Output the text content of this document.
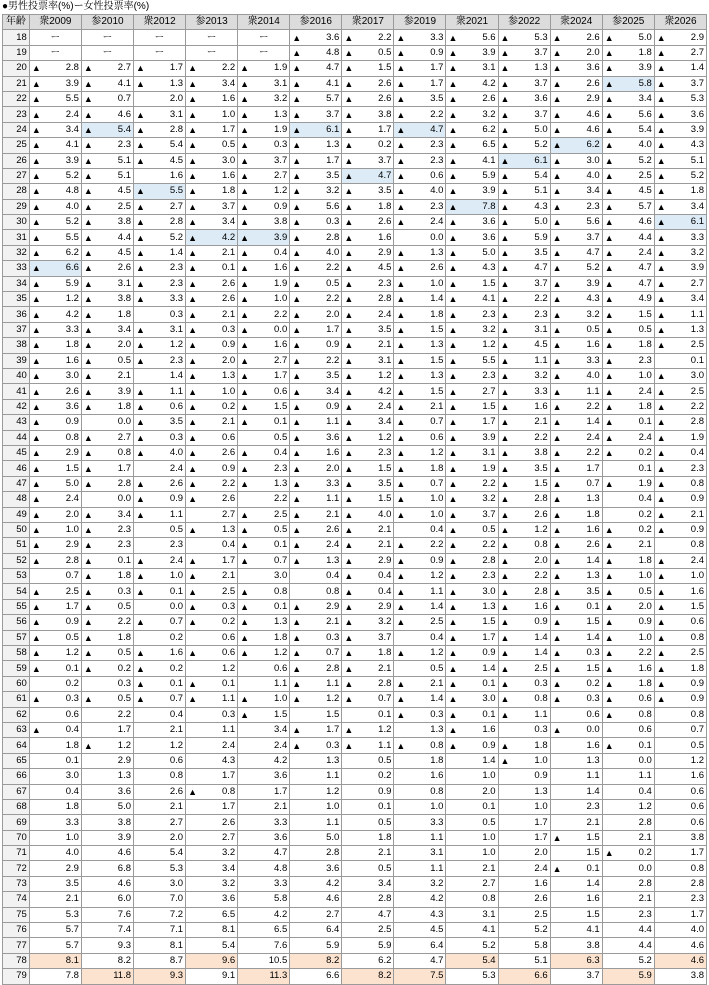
●男性投票率(%)ー女性投票率(%)
年齢	衆2009	参2010	衆2012	参2013	衆2014	参2016	衆2017	参2019	衆2021	参2022	衆2024	参2025	衆2026
18	ー	ー	ー	ー	ー	▲ 3.6	▲ 2.2	▲ 3.3	▲ 5.6	▲ 5.3	▲ 2.6	▲ 5.0	▲ 2.9
19	ー	ー	ー	ー	ー	▲ 4.8	▲ 0.5	▲ 0.9	▲ 3.9	▲ 3.7	▲ 2.0	▲ 1.8	▲ 2.7
20	▲ 2.8	▲ 2.7	▲ 1.7	▲ 2.2	▲ 1.9	▲ 4.7	▲ 1.5	▲ 1.7	▲ 3.1	▲ 1.3	▲ 3.6	▲ 3.9	▲ 1.4
21	▲ 3.9	▲ 4.1	▲ 1.3	▲ 3.4	▲ 3.1	▲ 4.1	▲ 2.6	▲ 1.7	▲ 4.2	▲ 3.7	▲ 2.6	▲ 5.8	▲ 3.7
22	▲ 5.5	▲ 0.7	2.0	▲ 1.6	▲ 3.2	▲ 5.7	▲ 2.6	▲ 3.5	▲ 2.6	▲ 3.6	▲ 2.9	▲ 3.4	▲ 5.3
23	▲ 2.4	▲ 4.6	▲ 3.1	▲ 1.0	▲ 1.3	▲ 3.7	▲ 3.8	▲ 2.2	▲ 3.2	▲ 3.7	▲ 4.6	▲ 5.6	▲ 3.6
24	▲ 3.4	▲ 5.4	▲ 2.8	▲ 1.7	▲ 1.9	▲ 6.1	▲ 1.7	▲ 4.7	▲ 6.2	▲ 5.0	▲ 4.6	▲ 5.4	▲ 3.9
25	▲ 4.1	▲ 2.3	▲ 5.4	▲ 0.5	▲ 0.3	▲ 1.3	▲ 0.2	▲ 2.3	▲ 6.5	▲ 5.2	▲ 6.2	▲ 4.0	▲ 4.3
26	▲ 3.9	▲ 5.1	▲ 4.5	▲ 3.0	▲ 3.7	▲ 1.7	▲ 3.7	▲ 2.3	▲ 4.1	▲ 6.1	▲ 3.0	▲ 5.2	▲ 5.1
27	▲ 5.2	▲ 5.1	1.6	▲ 1.6	▲ 2.7	▲ 3.5	▲ 4.7	▲ 0.6	▲ 5.9	▲ 5.4	▲ 4.0	▲ 2.5	▲ 5.2
28	▲ 4.8	▲ 4.5	▲ 5.5	▲ 1.8	▲ 1.2	▲ 3.2	▲ 3.5	▲ 4.0	▲ 3.9	▲ 5.1	▲ 3.4	▲ 4.5	▲ 1.8
29	▲ 4.0	▲ 2.5	▲ 2.7	▲ 3.7	▲ 0.9	▲ 5.6	▲ 1.8	▲ 2.3	▲ 7.8	▲ 4.3	▲ 2.3	▲ 5.7	▲ 3.4
30	▲ 5.2	▲ 3.8	▲ 2.8	▲ 3.4	▲ 3.8	▲ 0.3	▲ 2.6	▲ 2.4	▲ 3.6	▲ 5.0	▲ 5.6	▲ 4.6	▲ 6.1
31	▲ 5.5	▲ 4.4	▲ 5.2	▲ 4.2	▲ 3.9	▲ 2.8	▲ 1.6	0.0	▲ 3.6	▲ 5.9	▲ 3.7	▲ 4.4	▲ 3.3
32	▲ 6.2	▲ 4.5	▲ 1.4	▲ 2.1	▲ 0.4	▲ 4.0	▲ 2.9	▲ 1.3	▲ 5.0	▲ 3.5	▲ 4.7	▲ 2.4	▲ 3.2
33	▲ 6.6	▲ 2.6	▲ 2.3	▲ 0.1	▲ 1.6	▲ 2.2	▲ 4.5	▲ 2.6	▲ 4.3	▲ 4.7	▲ 5.2	▲ 4.7	▲ 3.9
34	▲ 5.9	▲ 3.1	▲ 2.3	▲ 2.6	▲ 1.9	▲ 0.5	▲ 2.3	▲ 1.0	▲ 1.5	▲ 3.7	▲ 3.9	▲ 4.7	▲ 2.7
35	▲ 1.2	▲ 3.8	▲ 3.3	▲ 2.6	▲ 1.0	▲ 2.2	▲ 2.8	▲ 1.4	▲ 4.1	▲ 2.2	▲ 4.3	▲ 4.9	▲ 3.4
36	▲ 4.2	▲ 1.8	0.3	▲ 2.1	▲ 2.2	▲ 2.0	▲ 2.4	▲ 1.8	▲ 2.3	▲ 2.3	▲ 3.2	▲ 1.5	▲ 1.1
37	▲ 3.3	▲ 3.4	▲ 3.1	▲ 0.3	▲ 0.0	▲ 1.7	▲ 3.5	▲ 1.5	▲ 3.2	▲ 3.1	▲ 0.5	▲ 0.5	▲ 1.3
38	▲ 1.8	▲ 2.0	▲ 1.2	▲ 0.9	▲ 1.6	▲ 0.9	▲ 2.1	▲ 1.3	▲ 1.2	▲ 4.5	▲ 1.6	▲ 1.8	▲ 2.5
39	▲ 1.6	▲ 0.5	▲ 2.3	▲ 2.0	▲ 2.7	▲ 2.2	▲ 3.1	▲ 1.5	▲ 5.5	▲ 1.1	▲ 3.3	▲ 2.3	0.1
40	▲ 3.0	▲ 2.1	1.4	▲ 1.3	▲ 1.7	▲ 3.5	▲ 1.2	▲ 1.3	▲ 2.3	▲ 3.2	▲ 4.0	▲ 1.0	▲ 3.0
41	▲ 2.6	▲ 3.9	▲ 1.1	▲ 1.0	▲ 0.6	▲ 3.4	▲ 4.2	▲ 1.5	▲ 2.7	▲ 3.3	▲ 1.1	▲ 2.4	▲ 2.5
42	▲ 3.6	▲ 1.8	▲ 0.6	▲ 0.2	▲ 1.5	▲ 0.9	▲ 2.4	▲ 2.1	▲ 1.5	▲ 1.6	▲ 2.2	▲ 1.8	▲ 2.2
43	▲ 0.9	0.0	▲ 3.5	▲ 2.1	▲ 0.1	▲ 1.1	▲ 3.4	▲ 0.7	▲ 1.7	▲ 2.1	▲ 1.4	▲ 0.1	▲ 2.8
44	▲ 0.8	▲ 2.7	▲ 0.3	▲ 0.6	0.5	▲ 3.6	▲ 1.2	▲ 0.6	▲ 3.9	▲ 2.2	▲ 2.4	▲ 2.4	▲ 1.9
45	▲ 2.9	▲ 0.8	▲ 4.0	▲ 2.6	▲ 0.4	▲ 1.6	▲ 2.3	▲ 1.2	▲ 3.1	▲ 3.8	▲ 2.2	▲ 0.2	▲ 0.4
46	▲ 1.5	▲ 1.7	2.4	▲ 0.9	▲ 2.3	▲ 2.0	▲ 1.5	▲ 1.8	▲ 1.9	▲ 3.5	▲ 1.7	0.1	▲ 2.3
47	▲ 5.0	▲ 2.8	▲ 2.6	▲ 2.2	▲ 1.3	▲ 3.3	▲ 3.5	▲ 0.7	▲ 2.2	▲ 1.5	▲ 0.7	▲ 1.9	▲ 0.8
48	▲ 2.4	0.0	▲ 0.9	▲ 2.6	2.2	▲ 1.1	▲ 1.5	▲ 1.0	▲ 3.2	▲ 2.8	▲ 1.3	0.4	▲ 0.9
49	▲ 2.0	▲ 3.4	▲ 1.1	2.7	▲ 2.5	▲ 2.1	▲ 4.0	▲ 1.0	▲ 3.7	▲ 2.6	▲ 1.8	0.2	▲ 2.1
50	▲ 1.0	▲ 2.3	0.5	▲ 1.3	▲ 0.5	▲ 2.6	▲ 2.1	0.4	▲ 0.5	▲ 1.2	▲ 1.6	▲ 0.2	▲ 0.9
51	▲ 2.9	▲ 2.3	2.3	0.4	▲ 0.1	▲ 2.4	▲ 2.1	▲ 2.2	▲ 2.2	▲ 0.8	▲ 2.6	▲ 2.1	0.8
52	▲ 2.8	▲ 0.1	▲ 2.4	▲ 1.7	▲ 0.7	▲ 1.3	▲ 2.9	▲ 0.9	▲ 2.8	▲ 2.0	▲ 1.4	▲ 1.8	▲ 2.4
53	0.7	▲ 1.8	▲ 1.0	▲ 2.1	3.0	0.4	▲ 0.4	▲ 1.2	▲ 2.3	▲ 2.2	▲ 1.3	▲ 1.0	▲ 1.0
54	▲ 2.5	▲ 0.3	▲ 0.1	▲ 2.5	▲ 0.8	0.8	▲ 0.4	▲ 1.1	▲ 3.0	▲ 2.8	▲ 3.5	▲ 0.5	▲ 1.6
55	▲ 1.7	▲ 0.5	0.0	▲ 0.3	▲ 0.1	▲ 2.9	▲ 2.9	▲ 1.4	▲ 1.3	▲ 1.6	▲ 0.1	▲ 2.0	▲ 1.5
56	▲ 0.9	▲ 2.2	▲ 0.7	▲ 0.2	▲ 1.3	▲ 2.1	▲ 3.2	▲ 2.5	▲ 1.5	▲ 0.9	▲ 1.5	▲ 0.9	▲ 0.6
57	▲ 0.5	▲ 1.8	0.2	0.6	▲ 1.8	▲ 0.3	▲ 3.7	0.4	▲ 1.7	▲ 1.4	▲ 1.4	▲ 1.0	▲ 0.8
58	▲ 1.2	▲ 0.5	▲ 1.6	▲ 0.6	▲ 1.2	▲ 0.7	▲ 1.8	▲ 1.2	▲ 0.9	▲ 1.4	▲ 0.3	▲ 2.2	▲ 2.5
59	▲ 0.1	▲ 0.2	▲ 0.2	1.2	0.6	▲ 2.8	▲ 2.1	0.5	▲ 1.4	▲ 2.5	▲ 1.5	▲ 1.6	▲ 1.8
60	0.2	0.3	▲ 0.1	▲ 0.1	1.1	▲ 1.1	▲ 2.8	▲ 2.1	▲ 0.1	▲ 0.3	▲ 0.2	▲ 1.8	▲ 0.9
61	▲ 0.3	▲ 0.5	▲ 0.7	▲ 1.1	▲ 1.0	▲ 1.2	▲ 0.7	▲ 1.4	▲ 3.0	▲ 0.8	▲ 0.3	▲ 0.6	▲ 0.9
62	0.6	2.2	0.4	0.3	▲ 1.5	1.5	0.1	▲ 0.3	▲ 0.1	▲ 1.1	0.6	▲ 0.8	0.8
63	▲ 0.4	1.7	2.1	1.1	3.4	▲ 1.7	▲ 1.2	1.3	▲ 1.6	0.3	▲ 0.0	0.6	0.7
64	1.8	▲ 1.2	1.2	2.4	2.4	▲ 0.3	▲ 1.1	▲ 0.8	▲ 0.9	▲ 1.8	1.6	▲ 0.1	0.5
65	0.1	2.9	0.6	4.3	4.2	1.3	0.5	1.8	1.4	▲ 1.0	1.3	0.0	1.2
66	3.0	1.3	0.8	1.7	3.6	1.1	0.2	1.6	1.0	0.9	1.1	1.1	1.6
67	0.4	3.6	2.6	▲ 0.8	1.7	1.2	0.9	0.8	2.0	1.3	1.4	0.4	0.6
68	1.8	5.0	2.1	1.7	2.1	1.0	0.1	1.0	0.1	1.0	2.3	1.2	0.6
69	3.3	3.8	2.7	2.6	3.3	1.1	0.5	3.3	0.5	1.7	2.1	2.8	0.6
70	1.0	3.9	2.0	2.7	3.6	5.0	1.8	1.1	1.0	1.7	▲ 1.5	2.1	3.8
71	4.0	4.6	5.4	3.2	4.7	2.8	2.1	3.1	1.0	2.0	1.5	▲ 0.2	1.7
72	2.9	6.8	5.3	3.4	4.8	3.6	0.5	1.1	2.1	2.4	▲ 0.1	0.0	0.8
73	3.5	4.6	3.0	3.2	3.3	4.2	3.4	3.2	2.7	1.6	1.4	2.8	2.8
74	2.1	6.0	7.0	3.6	5.8	4.6	2.8	4.2	0.8	2.6	1.6	2.1	2.3
75	5.3	7.6	7.2	6.5	4.2	2.7	4.7	4.3	3.1	2.5	1.5	2.3	1.7
76	5.7	7.4	7.1	8.1	6.5	6.4	2.5	4.5	4.1	5.2	4.1	4.4	4.0
77	5.7	9.3	8.1	5.4	7.6	5.9	5.9	6.4	5.2	5.8	3.8	4.4	4.6
78	8.1	8.2	8.7	9.6	10.5	8.2	6.2	4.7	5.4	5.1	6.3	5.2	4.6
79	7.8	11.8	9.3	9.1	11.3	6.6	8.2	7.5	5.3	6.6	3.7	5.9	3.8
